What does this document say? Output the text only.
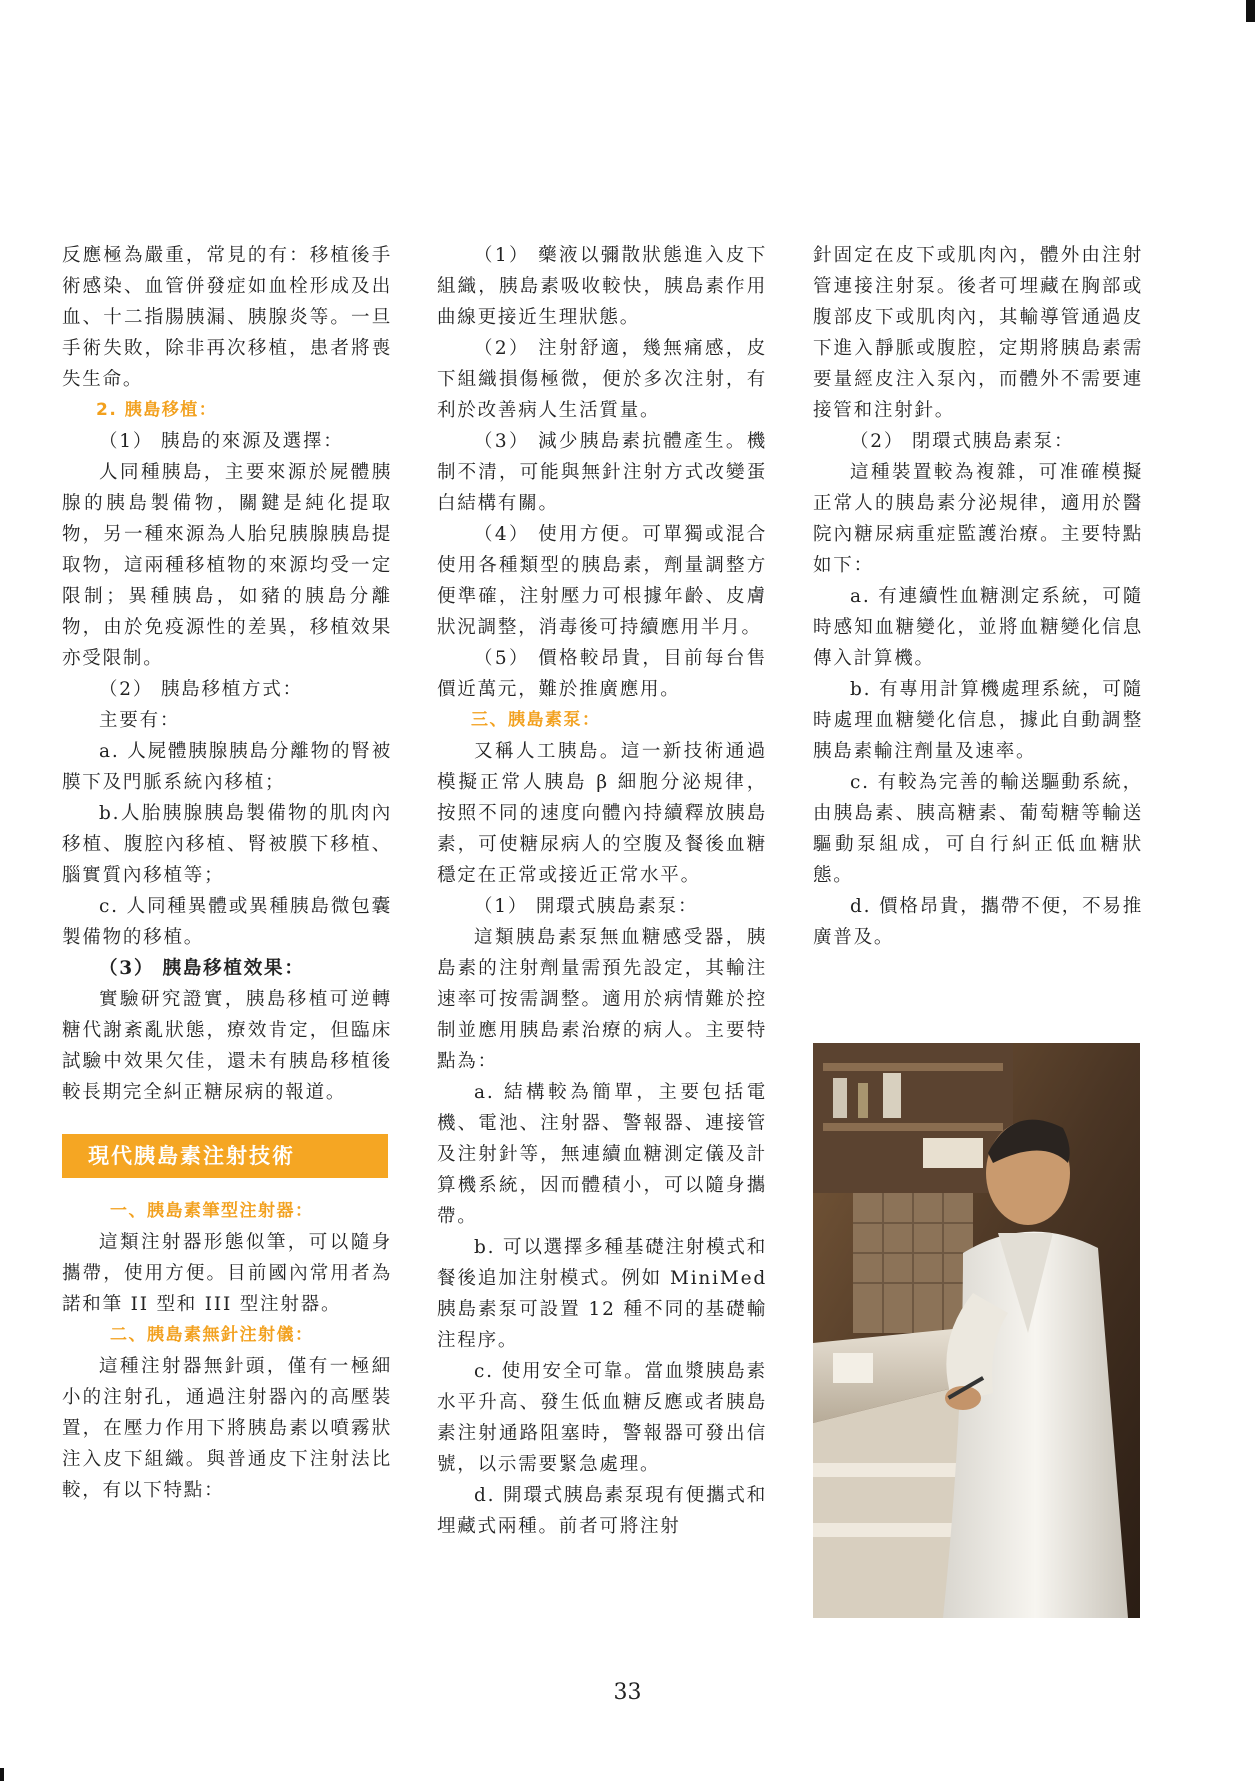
反應極為嚴重，常見的有：移植後手術感染、血管併發症如血栓形成及出血、十二指腸胰漏、胰腺炎等。一旦手術失敗，除非再次移植，患者將喪失生命。

2. 胰島移植：

（1） 胰島的來源及選擇：

人同種胰島，主要來源於屍體胰腺的胰島製備物，關鍵是純化提取物，另一種來源為人胎兒胰腺胰島提取物，這兩種移植物的來源均受一定限制；異種胰島，如豬的胰島分離物，由於免疫源性的差異，移植效果亦受限制。

（2） 胰島移植方式：

主要有：

a. 人屍體胰腺胰島分離物的腎被膜下及門脈系統內移植；

b.人胎胰腺胰島製備物的肌肉內移植、腹腔內移植、腎被膜下移植、腦實質內移植等；

c. 人同種異體或異種胰島微包囊製備物的移植。

（3） 胰島移植效果：

實驗研究證實，胰島移植可逆轉糖代謝紊亂狀態，療效肯定，但臨床試驗中效果欠佳，還未有胰島移植後較長期完全糾正糖尿病的報道。

現代胰島素注射技術

一、胰島素筆型注射器：

這類注射器形態似筆，可以隨身攜帶，使用方便。目前國內常用者為諾和筆 II 型和 III 型注射器。

二、胰島素無針注射儀：

這種注射器無針頭，僅有一極細小的注射孔，通過注射器內的高壓裝置，在壓力作用下將胰島素以噴霧狀注入皮下組織。與普通皮下注射法比較，有以下特點：

（1） 藥液以彌散狀態進入皮下組織，胰島素吸收較快，胰島素作用曲線更接近生理狀態。

（2） 注射舒適，幾無痛感，皮下組織損傷極微，便於多次注射，有利於改善病人生活質量。

（3） 減少胰島素抗體產生。機制不清，可能與無針注射方式改變蛋白結構有關。

（4） 使用方便。可單獨或混合使用各種類型的胰島素，劑量調整方便準確，注射壓力可根據年齡、皮膚狀況調整，消毒後可持續應用半月。

（5） 價格較昂貴，目前每台售價近萬元，難於推廣應用。

三、胰島素泵：

又稱人工胰島。這一新技術通過模擬正常人胰島 β 細胞分泌規律，按照不同的速度向體內持續釋放胰島素，可使糖尿病人的空腹及餐後血糖穩定在正常或接近正常水平。

（1） 開環式胰島素泵：

這類胰島素泵無血糖感受器，胰島素的注射劑量需預先設定，其輸注速率可按需調整。適用於病情難於控制並應用胰島素治療的病人。主要特點為：

a. 結構較為簡單，主要包括電機、電池、注射器、警報器、連接管及注射針等，無連續血糖測定儀及計算機系統，因而體積小，可以隨身攜帶。

b. 可以選擇多種基礎注射模式和餐後追加注射模式。例如 MiniMed 胰島素泵可設置 12 種不同的基礎輸注程序。

c. 使用安全可靠。當血漿胰島素水平升高、發生低血糖反應或者胰島素注射通路阻塞時，警報器可發出信號，以示需要緊急處理。

d. 開環式胰島素泵現有便攜式和埋藏式兩種。前者可將注射

針固定在皮下或肌肉內，體外由注射管連接注射泵。後者可埋藏在胸部或腹部皮下或肌肉內，其輸導管通過皮下進入靜脈或腹腔，定期將胰島素需要量經皮注入泵內，而體外不需要連接管和注射針。

（2） 閉環式胰島素泵：

這種裝置較為複雜，可准確模擬正常人的胰島素分泌規律，適用於醫院內糖尿病重症監護治療。主要特點如下：

a. 有連續性血糖測定系統，可隨時感知血糖變化，並將血糖變化信息傳入計算機。

b. 有專用計算機處理系統，可隨時處理血糖變化信息，據此自動調整胰島素輸注劑量及速率。

c. 有較為完善的輸送驅動系統，由胰島素、胰高糖素、葡萄糖等輸送驅動泵組成，可自行糾正低血糖狀態。

d. 價格昂貴，攜帶不便，不易推廣普及。

33
